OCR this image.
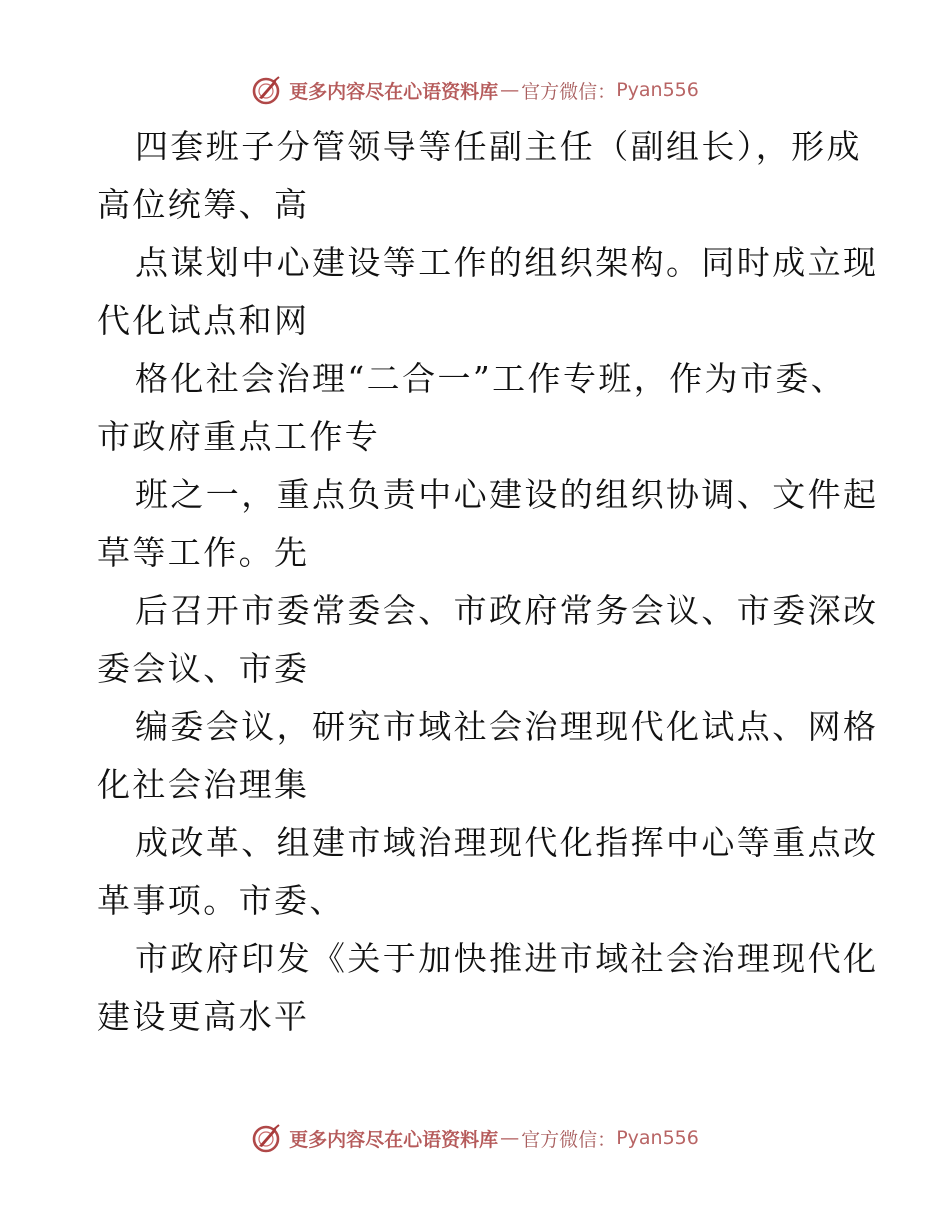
更多内容尽在心语资料库 — 官方微信： Pyan556

四套班子分管领导等任副主任（副组长），形成
高位统筹、高

点谋划中心建设等工作的组织架构。同时成立现
代化试点和网

格化社会治理“二合一”工作专班，作为市委、
市政府重点工作专

班之一，重点负责中心建设的组织协调、文件起
草等工作。先

后召开市委常委会、市政府常务会议、市委深改
委会议、市委

编委会议，研究市域社会治理现代化试点、网格
化社会治理集

成改革、组建市域治理现代化指挥中心等重点改
革事项。市委、

市政府印发《关于加快推进市域社会治理现代化
建设更高水平

更多内容尽在心语资料库 — 官方微信： Pyan556
